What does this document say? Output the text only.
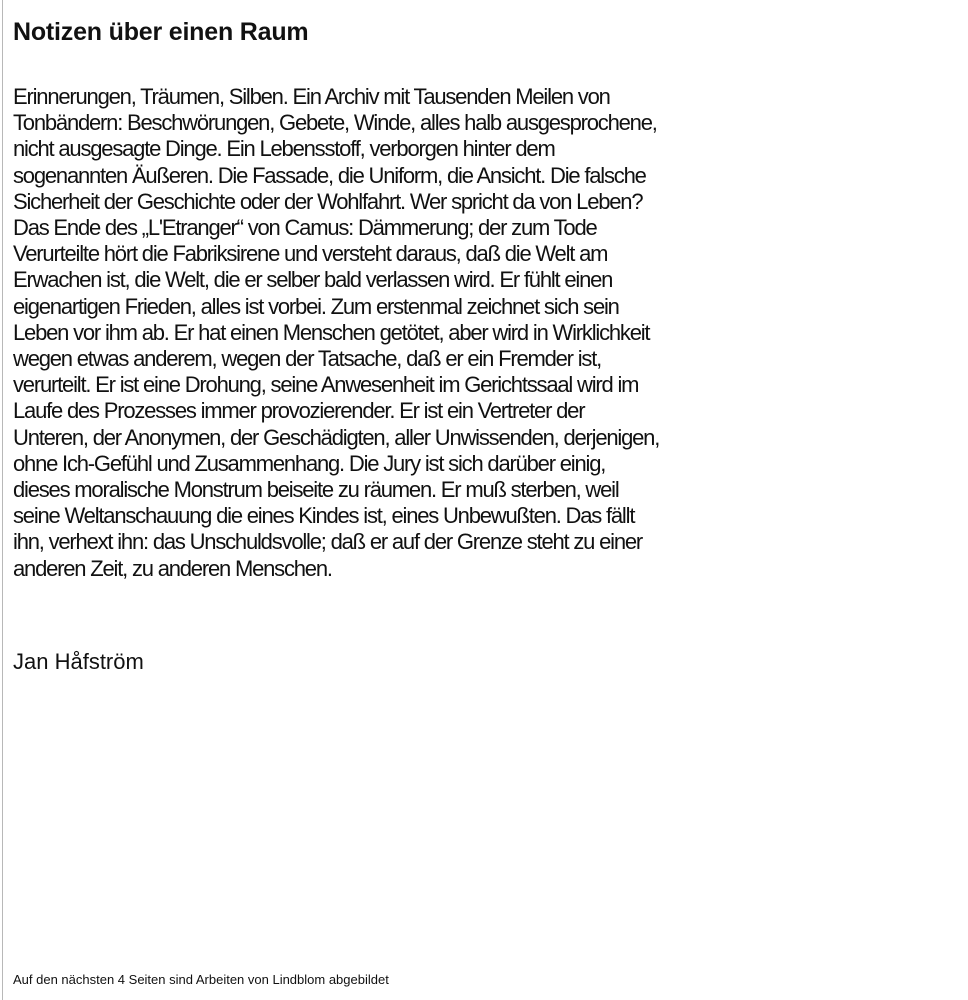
Notizen über einen Raum

Erinnerungen, Träumen, Silben. Ein Archiv mit Tausenden Meilen von
Tonbändern: Beschwörungen, Gebete, Winde, alles halb ausgesprochene,
nicht ausgesagte Dinge. Ein Lebensstoff, verborgen hinter dem
sogenannten Äußeren. Die Fassade, die Uniform, die Ansicht. Die falsche
Sicherheit der Geschichte oder der Wohlfahrt. Wer spricht da von Leben?
Das Ende des „L'Etranger“ von Camus: Dämmerung; der zum Tode
Verurteilte hört die Fabriksirene und versteht daraus, daß die Welt am
Erwachen ist, die Welt, die er selber bald verlassen wird. Er fühlt einen
eigenartigen Frieden, alles ist vorbei. Zum erstenmal zeichnet sich sein
Leben vor ihm ab. Er hat einen Menschen getötet, aber wird in Wirklichkeit
wegen etwas anderem, wegen der Tatsache, daß er ein Fremder ist,
verurteilt. Er ist eine Drohung, seine Anwesenheit im Gerichtssaal wird im
Laufe des Prozesses immer provozierender. Er ist ein Vertreter der
Unteren, der Anonymen, der Geschädigten, aller Unwissenden, derjenigen,
ohne Ich-Gefühl und Zusammenhang. Die Jury ist sich darüber einig,
dieses moralische Monstrum beiseite zu räumen. Er muß sterben, weil
seine Weltanschauung die eines Kindes ist, eines Unbewußten. Das fällt
ihn, verhext ihn: das Unschuldsvolle; daß er auf der Grenze steht zu einer
anderen Zeit, zu anderen Menschen.

Jan Håfström

Auf den nächsten 4 Seiten sind Arbeiten von Lindblom abgebildet
